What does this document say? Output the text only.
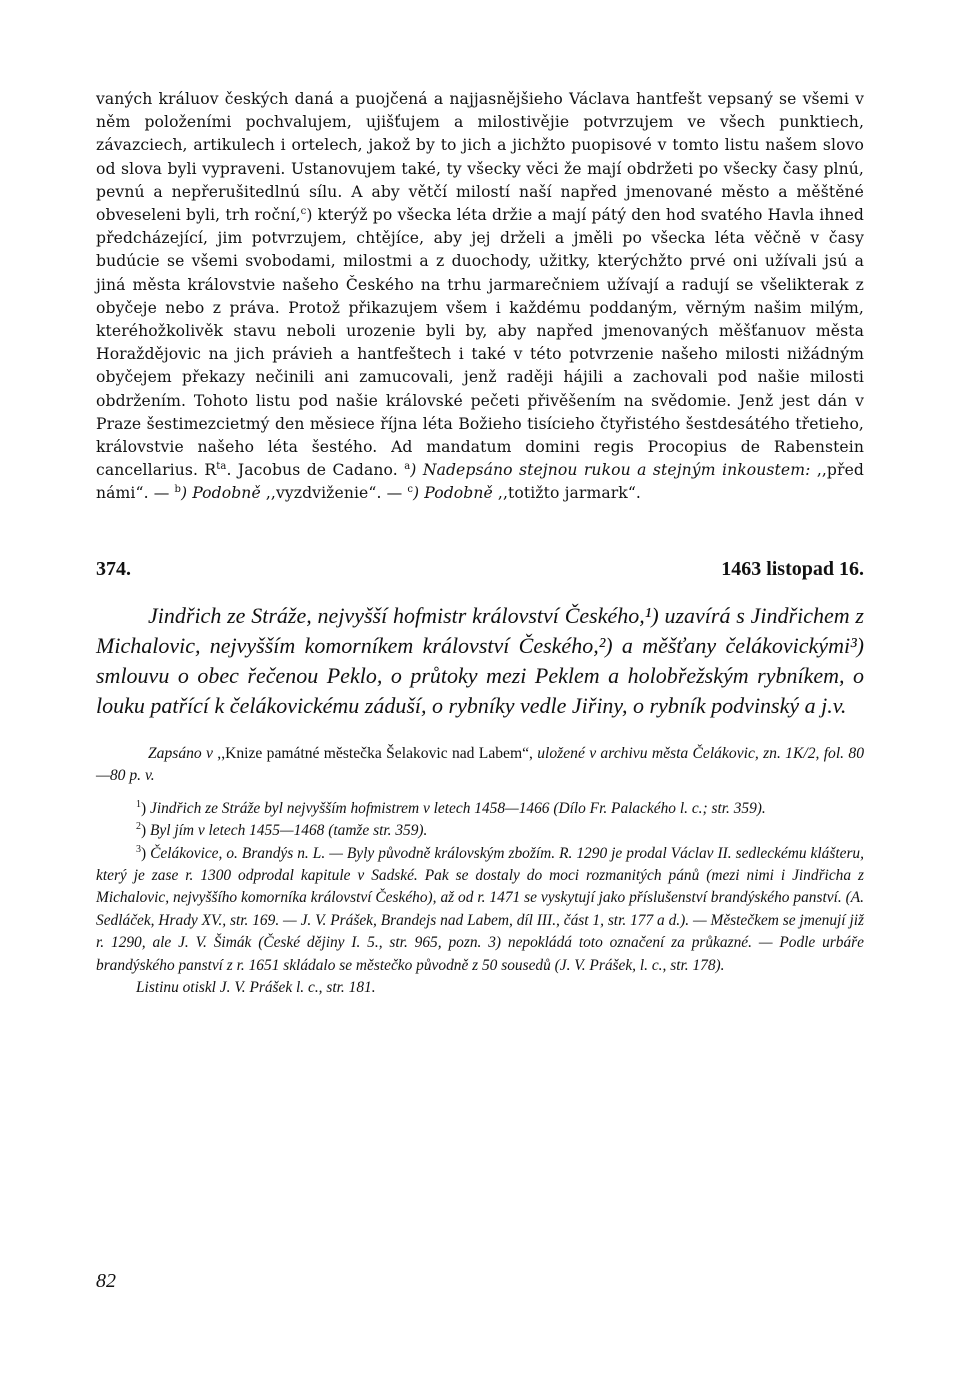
vaných králuov českých daná a puojčená a najjasnějšieho Václava hantfešt vepsaný se všemi v něm položeními pochvalujem, ujišťujem a milostivějie potvrzujem ve všech punktiech, závazciech, artikulech i ortelech, jakož by to jich a jichžto puopisové v tomto listu našem slovo od slova byli vypraveni. Ustanovujem také, ty všecky věci že mají obdržeti po všecky časy plnú, pevnú a nepřerušitedlnú sílu. A aby větčí milostí naší napřed jmenované město a měštěné obveseleni byli, trh roční,$^c$) kterýž po všecka léta držie a mají pátý den hod svatého Havla ihned předcházející, jim potvrzujem, chtějíce, aby jej drželi a jměli po všecka léta věčně v časy budúcie se všemi svobodami, milostmi a z duochody, užitky, kterýchžto prvé oni užívali jsú a jiná města královstvie našeho Českého na trhu jarmarečniem užívají a radují se všelikterak z obyčeje nebo z práva. Protož přikazujem všem i každému poddaným, věrným našim milým, kteréhožkolivěk stavu neboli urozenie byli by, aby napřed jmenovaných měšťanuov města Horaždějovic na jich právieh a hantfeštech i také v této potvrzenie našeho milosti nižádným obyčejem překazy nečinili ani zamucovali, jenž raději hájili a zachovali pod našie milosti obdržením. Tohoto listu pod našie královské pečeti přivěšením na svědomie. Jenž jest dán v Praze šestimezcietmý den měsiece října léta Božieho tisícieho čtyřistého šestdesátého třetieho, královstvie našeho léta šestého. Ad mandatum domini regis Procopius de Rabenstein cancellarius. $R^{ta}$. Jacobus de Cadano. $^a$) Nadepsáno stejnou rukou a stejným inkoustem: ,,před námi“. — $^b$) Podobně ,,vyzdviženie“. — $^c$) Podobně ,,totižto jarmark“.

374.	1463 listopad 16.

Jindřich ze Stráže, nejvyšší hofmistr království Českého,¹) uzavírá s Jindřichem z Michalovic, nejvyšším komorníkem království Českého,²) a měšťany čelákovickými³) smlouvu o obec řečenou Peklo, o průtoky mezi Peklem a holobřežským rybníkem, o louku patřící k čelákovickému záduší, o rybníky vedle Jiřiny, o rybník podvinský a j.v.

Zapsáno v ,,Knize památné městečka Šelakovic nad Labem“, uložené v archivu města Čelákovic, zn. 1K/2, fol. 80—80 p. v.

$^1$) Jindřich ze Stráže byl nejvyšším hofmistrem v letech 1458—1466 (Dílo Fr. Palackého l. c.; str. 359).

$^2$) Byl jím v letech 1455—1468 (tamže str. 359).

$^3$) Čelákovice, o. Brandýs n. L. — Byly původně královským zbožím. R. 1290 je prodal Václav II. sedleckému klášteru, který je zase r. 1300 odprodal kapitule v Sadské. Pak se dostaly do moci rozmanitých pánů (mezi nimi i Jindřicha z Michalovic, nejvyššího komorníka království Českého), až od r. 1471 se vyskytují jako příslušenství brandýského panství. (A. Sedláček, Hrady XV., str. 169. — J. V. Prášek, Brandejs nad Labem, díl III., část 1, str. 177 a d.). — Městečkem se jmenují již r. 1290, ale J. V. Šimák (České dějiny I. 5., str. 965, pozn. 3) nepokládá toto označení za průkazné. — Podle urbáře brandýského panství z r. 1651 skládalo se městečko původně z 50 sousedů (J. V. Prášek, l. c., str. 178).

Listinu otiskl J. V. Prášek l. c., str. 181.

82
